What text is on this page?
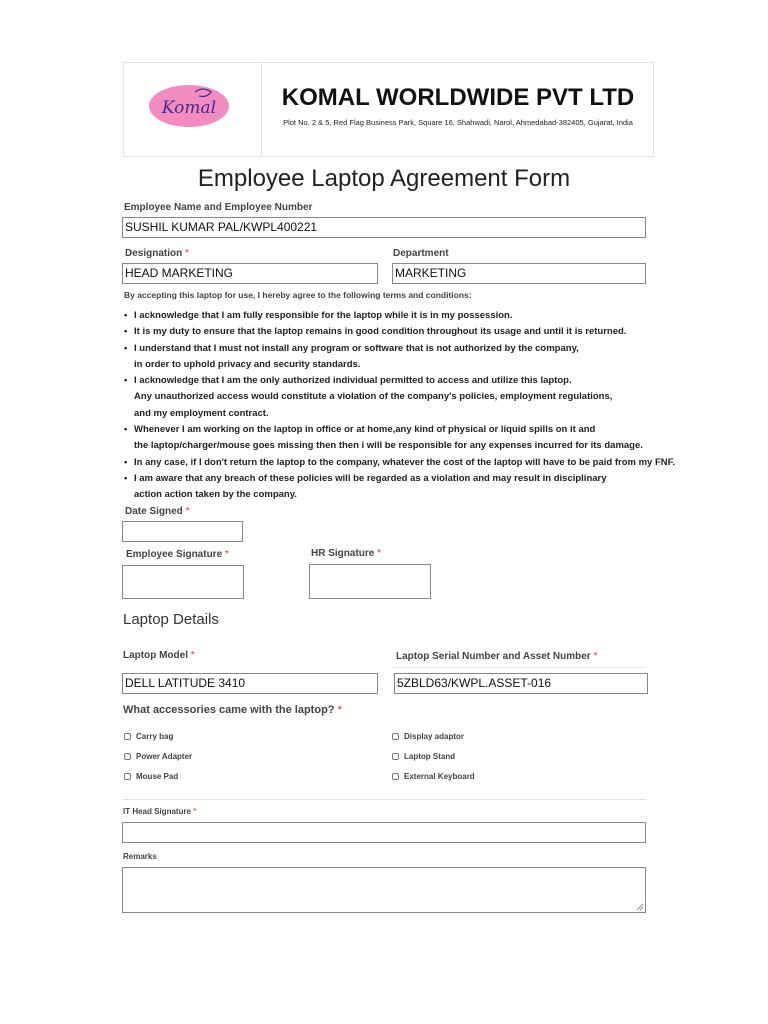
Komal	KOMAL WORLDWIDE PVT LTD
Plot No. 2 & 5, Red Flag Business Park, Square 16, Shahwadi, Narol, Ahmedabad-382405, Gujarat, India
Employee Laptop Agreement Form
Employee Name and Employee Number
SUSHIL KUMAR PAL/KWPL400221
Designation *
HEAD MARKETING
Department
MARKETING
By accepting this laptop for use, I hereby agree to the following terms and conditions:
• I acknowledge that I am fully responsible for the laptop while it is in my possession.
• It is my duty to ensure that the laptop remains in good condition throughout its usage and until it is returned.
• I understand that I must not install any program or software that is not authorized by the company,
in order to uphold privacy and security standards.
• I acknowledge that I am the only authorized individual permitted to access and utilize this laptop.
Any unauthorized access would constitute a violation of the company's policies, employment regulations,
and my employment contract.
• Whenever I am working on the laptop in office or at home,any kind of physical or liquid spills on it and
the laptop/charger/mouse goes missing then then i will be responsible for any expenses incurred for its damage.
• In any case, if I don't return the laptop to the company, whatever the cost of the laptop will have to be paid from my FNF.
• I am aware that any breach of these policies will be regarded as a violation and may result in disciplinary
action action taken by the company.
Date Signed *
Employee Signature *	HR Signature *
Laptop Details
Laptop Model *
DELL LATITUDE 3410
Laptop Serial Number and Asset Number *
5ZBLD63/KWPL.ASSET-016
What accessories came with the laptop? *
Carry bag
Power Adapter
Mouse Pad
Display adaptor
Laptop Stand
External Keyboard
IT Head Signature *
Remarks
